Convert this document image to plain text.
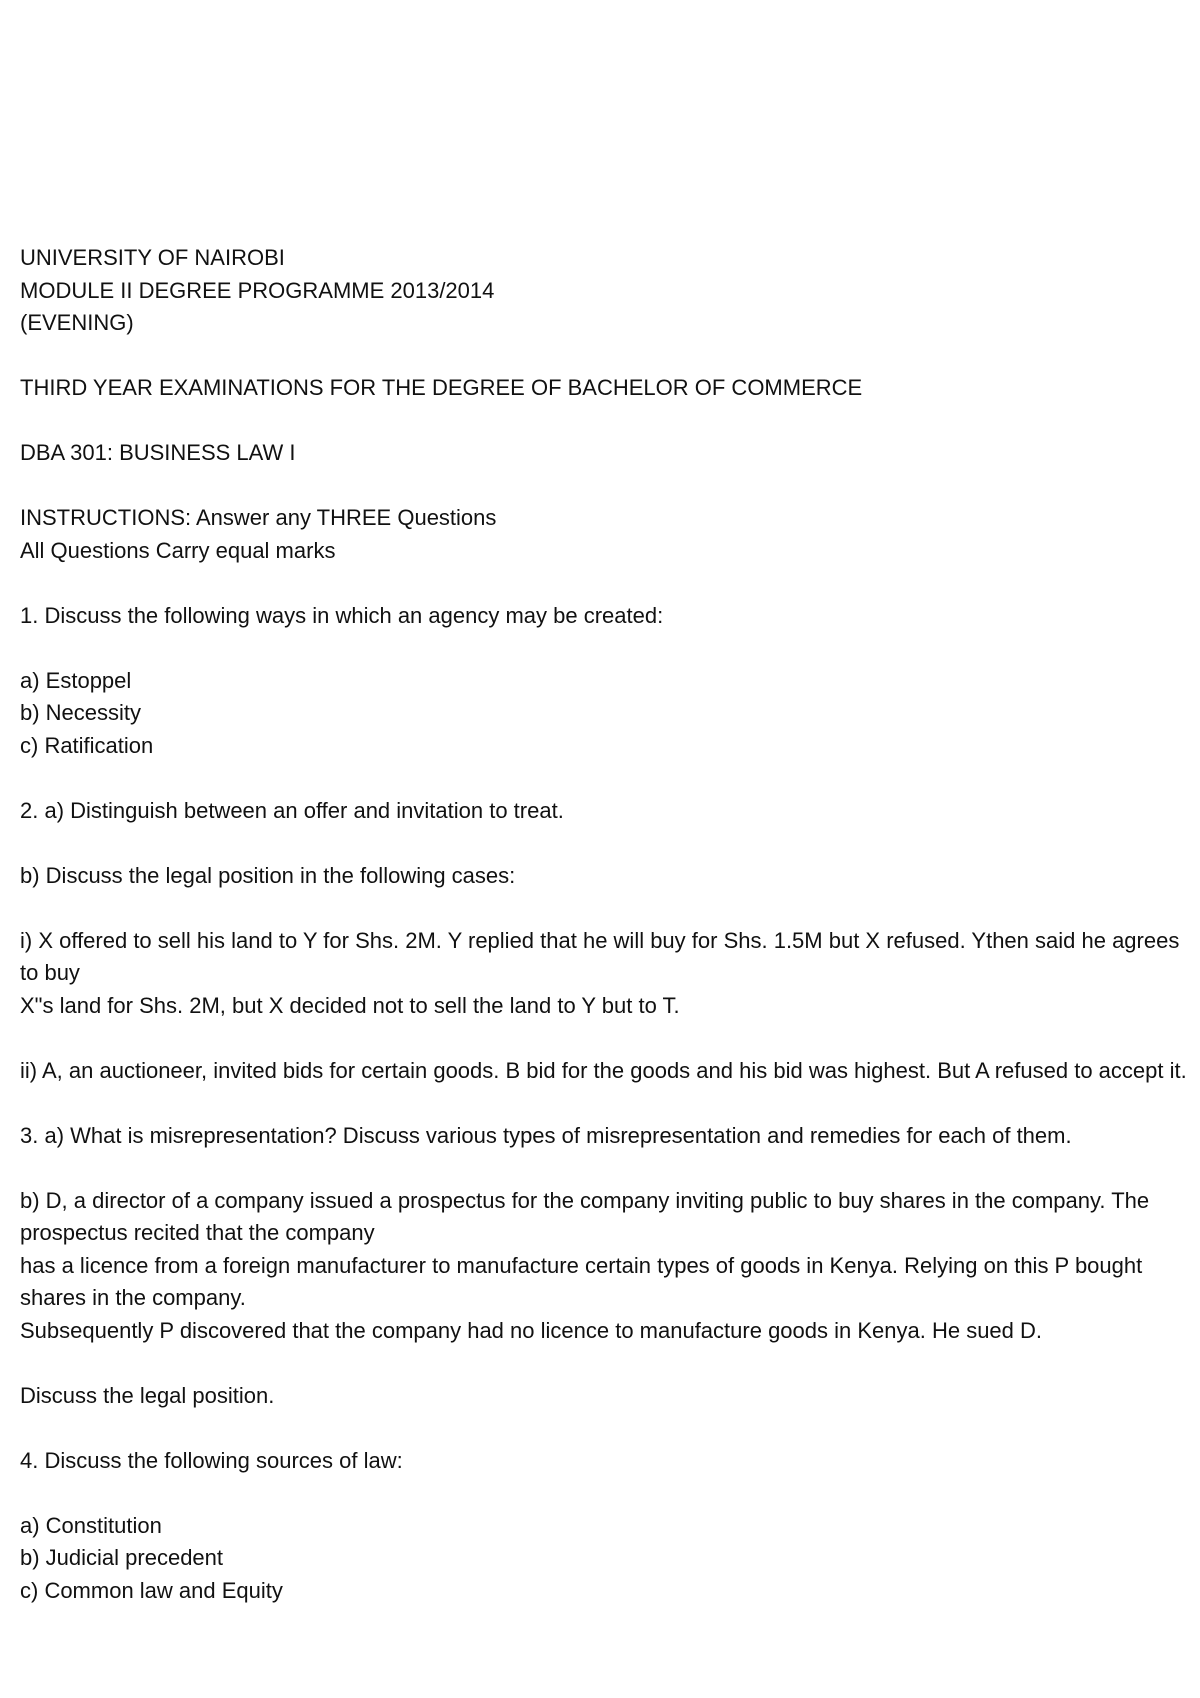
UNIVERSITY OF NAIROBI
MODULE II DEGREE PROGRAMME 2013/2014
(EVENING)
THIRD YEAR EXAMINATIONS FOR THE DEGREE OF BACHELOR OF COMMERCE
DBA 301: BUSINESS LAW I
INSTRUCTIONS: Answer any THREE Questions
All Questions Carry equal marks
1. Discuss the following ways in which an agency may be created:
a) Estoppel
b) Necessity
c) Ratification
2. a) Distinguish between an offer and invitation to treat.
b) Discuss the legal position in the following cases:
i) X offered to sell his land to Y for Shs. 2M. Y replied that he will buy for Shs. 1.5M but X refused. Ythen said he agrees to buy
X"s land for Shs. 2M, but X decided not to sell the land to Y but to T.
ii) A, an auctioneer, invited bids for certain goods. B bid for the goods and his bid was highest. But A refused to accept it.
3. a) What is misrepresentation? Discuss various types of misrepresentation and remedies for each of them.
b) D, a director of a company issued a prospectus for the company inviting public to buy shares in the company. The prospectus recited that the company
has a licence from a foreign manufacturer to manufacture certain types of goods in Kenya. Relying on this P bought shares in the company.
Subsequently P discovered that the company had no licence to manufacture goods in Kenya. He sued D.
Discuss the legal position.
4. Discuss the following sources of law:
a) Constitution
b) Judicial precedent
c) Common law and Equity
